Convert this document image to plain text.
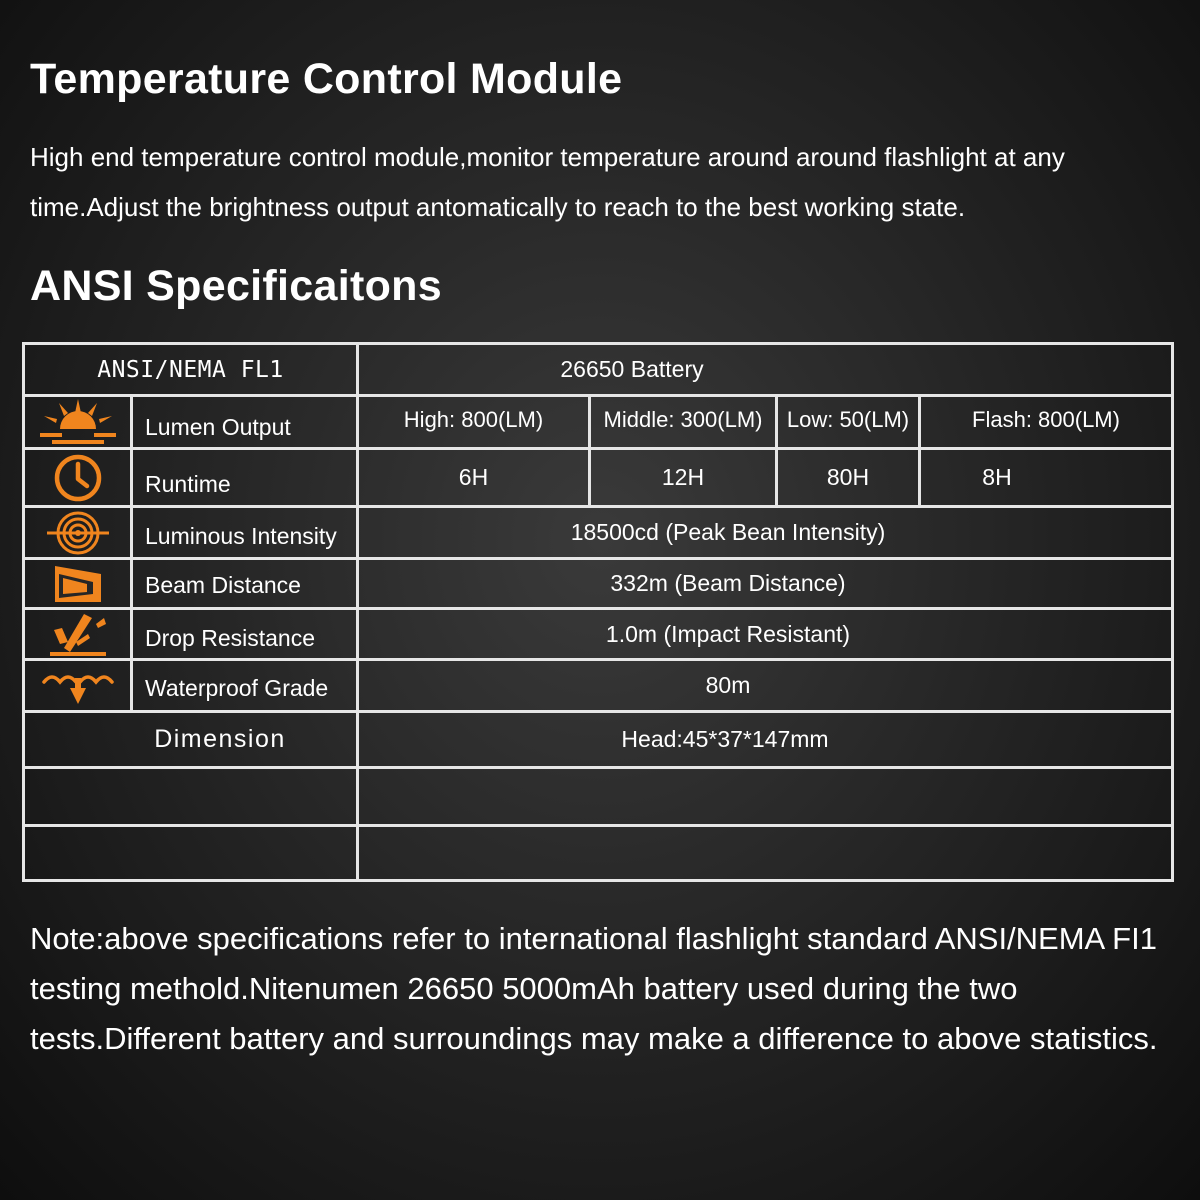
Temperature Control Module
High end temperature control module,monitor temperature around around flashlight at any time.Adjust the brightness output antomatically to reach to the best working state.
ANSI Specificaitons
ANSI/NEMA FL1	26650 Battery
Lumen Output	High: 800(LM)	Middle: 300(LM)	Low: 50(LM)	Flash: 800(LM)
Runtime	6H	12H	80H	8H
Luminous Intensity	18500cd (Peak Bean Intensity)
Beam Distance	332m (Beam Distance)
Drop Resistance	1.0m (Impact Resistant)
Waterproof Grade	80m
Dimension	Head:45*37*147mm
Note:above specifications refer to international flashlight standard ANSI/NEMA FI1 testing methold.Nitenumen 26650 5000mAh battery used during the two tests.Different battery and surroundings may make a difference to above statistics.
